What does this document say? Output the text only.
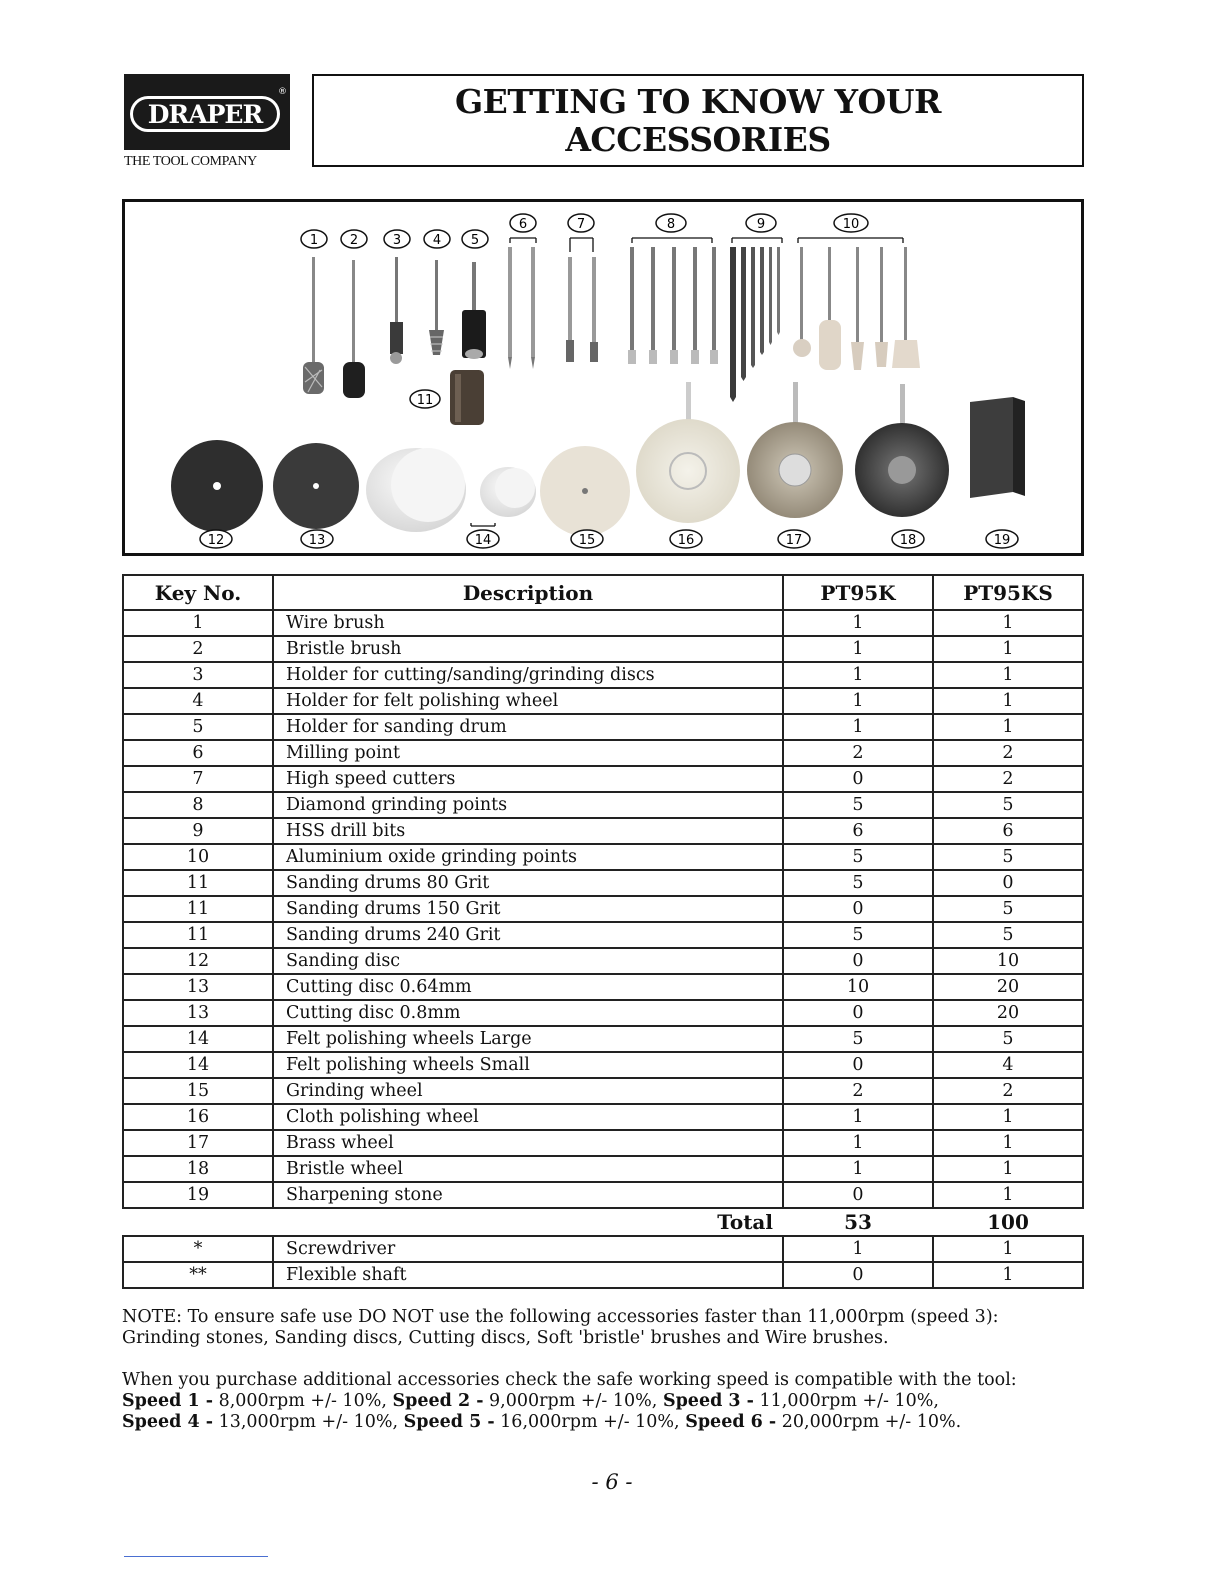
®
DRAPER
THE TOOL COMPANY
GETTING TO KNOW YOUR
ACCESSORIES
1 2	3 4 5
6	7	8	9	10
11
12	13	14	15	16	17	18	19
Key No.	Description	PT95K	PT95KS
1	Wire brush	1	1
2	Bristle brush	1	1
3	Holder for cutting/sanding/grinding discs	1	1
4	Holder for felt polishing wheel	1	1
5	Holder for sanding drum	1	1
6	Milling point	2	2
7	High speed cutters	0	2
8	Diamond grinding points	5	5
9	HSS drill bits	6	6
10	Aluminium oxide grinding points	5	5
11	Sanding drums 80 Grit	5	0
11	Sanding drums 150 Grit	0	5
11	Sanding drums 240 Grit	5	5
12	Sanding disc	0	10
13	Cutting disc 0.64mm	10	20
13	Cutting disc 0.8mm	0	20
14	Felt polishing wheels Large	5	5
14	Felt polishing wheels Small	0	4
15	Grinding wheel	2	2
16	Cloth polishing wheel	1	1
17	Brass wheel	1	1
18	Bristle wheel	1	1
19	Sharpening stone	0	1
Total		53	100
*	Screwdriver	1	1
**	Flexible shaft	0	1
NOTE: To ensure safe use DO NOT use the following accessories faster than 11,000rpm (speed 3):
Grinding stones, Sanding discs, Cutting discs, Soft 'bristle' brushes and Wire brushes.
When you purchase additional accessories check the safe working speed is compatible with the tool:
Speed 1 - 8,000rpm +/- 10%, Speed 2 - 9,000rpm +/- 10%, Speed 3 - 11,000rpm +/- 10%,
Speed 4 - 13,000rpm +/- 10%, Speed 5 - 16,000rpm +/- 10%, Speed 6 - 20,000rpm +/- 10%.
- 6 -
